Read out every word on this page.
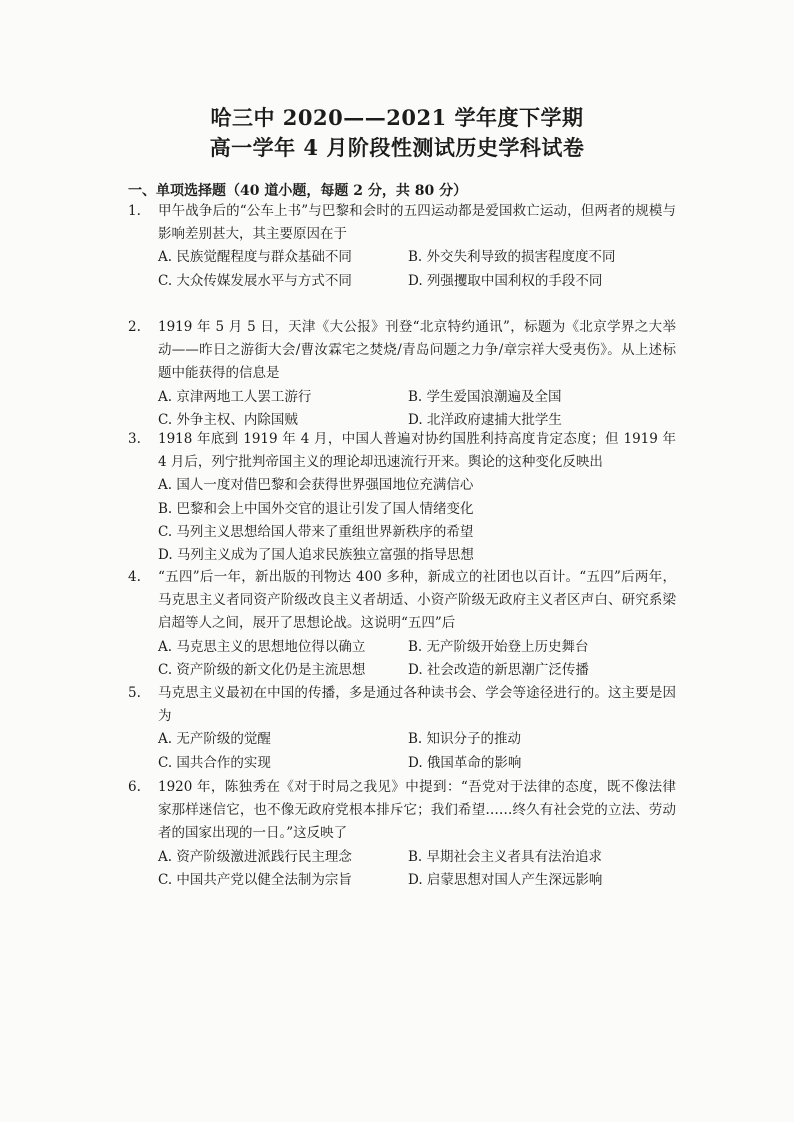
哈三中 2020——2021 学年度下学期
高一学年 4 月阶段性测试历史学科试卷
一、单项选择题（40 道小题，每题 2 分，共 80 分）
1. 甲午战争后的“公车上书”与巴黎和会时的五四运动都是爱国救亡运动，但两者的规模与影响差别甚大，其主要原因在于
A. 民族觉醒程度与群众基础不同	B. 外交失利导致的损害程度度不同
C. 大众传媒发展水平与方式不同	D. 列强攫取中国利权的手段不同
2. 1919 年 5 月 5 日，天津《大公报》刊登“北京特约通讯”，标题为《北京学界之大举动——昨日之游街大会/曹汝霖宅之焚烧/青岛问题之力争/章宗祥大受夷伤》。从上述标题中能获得的信息是
A. 京津两地工人罢工游行	B. 学生爱国浪潮遍及全国
C. 外争主权、内除国贼	D. 北洋政府逮捕大批学生
3. 1918 年底到 1919 年 4 月，中国人普遍对协约国胜利持高度肯定态度；但 1919 年 4 月后，列宁批判帝国主义的理论却迅速流行开来。舆论的这种变化反映出
A. 国人一度对借巴黎和会获得世界强国地位充满信心
B. 巴黎和会上中国外交官的退让引发了国人情绪变化
C. 马列主义思想给国人带来了重组世界新秩序的希望
D. 马列主义成为了国人追求民族独立富强的指导思想
4. “五四”后一年，新出版的刊物达 400 多种，新成立的社团也以百计。“五四”后两年，马克思主义者同资产阶级改良主义者胡适、小资产阶级无政府主义者区声白、研究系梁启超等人之间，展开了思想论战。这说明“五四”后
A. 马克思主义的思想地位得以确立	B. 无产阶级开始登上历史舞台
C. 资产阶级的新文化仍是主流思想	D. 社会改造的新思潮广泛传播
5. 马克思主义最初在中国的传播，多是通过各种读书会、学会等途径进行的。这主要是因为
A. 无产阶级的觉醒	B. 知识分子的推动
C. 国共合作的实现	D. 俄国革命的影响
6. 1920 年，陈独秀在《对于时局之我见》中提到：“吾党对于法律的态度，既不像法律家那样迷信它，也不像无政府党根本排斥它；我们希望……终久有社会党的立法、劳动者的国家出现的一日。”这反映了
A. 资产阶级激进派践行民主理念	B. 早期社会主义者具有法治追求
C. 中国共产党以健全法制为宗旨	D. 启蒙思想对国人产生深远影响
